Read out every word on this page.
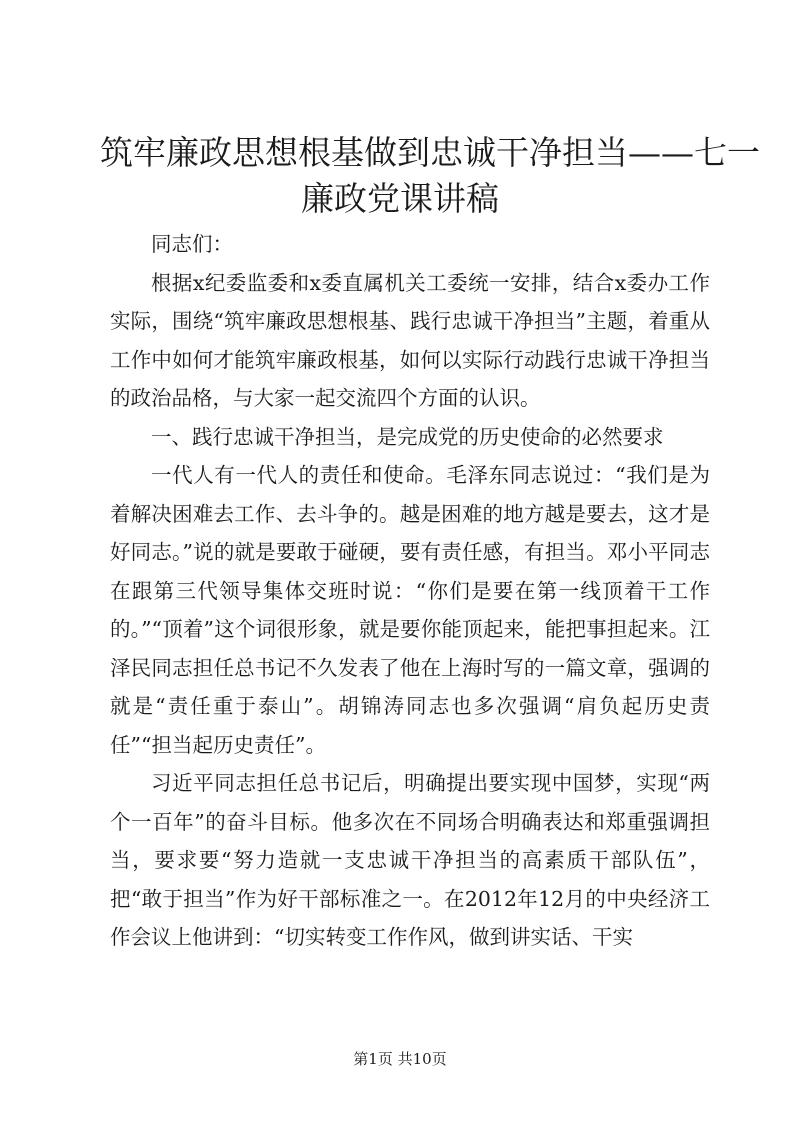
筑牢廉政思想根基做到忠诚干净担当——七一
廉政党课讲稿

同志们：

根据x纪委监委和x委直属机关工委统一安排，结合x委办工作实际，围绕“筑牢廉政思想根基、践行忠诚干净担当”主题，着重从工作中如何才能筑牢廉政根基，如何以实际行动践行忠诚干净担当的政治品格，与大家一起交流四个方面的认识。

一、践行忠诚干净担当，是完成党的历史使命的必然要求

一代人有一代人的责任和使命。毛泽东同志说过：“我们是为着解决困难去工作、去斗争的。越是困难的地方越是要去，这才是好同志。”说的就是要敢于碰硬，要有责任感，有担当。邓小平同志在跟第三代领导集体交班时说：“你们是要在第一线顶着干工作的。”“顶着”这个词很形象，就是要你能顶起来，能把事担起来。江泽民同志担任总书记不久发表了他在上海时写的一篇文章，强调的就是“责任重于泰山”。胡锦涛同志也多次强调“肩负起历史责任”“担当起历史责任”。

习近平同志担任总书记后，明确提出要实现中国梦，实现“两个一百年”的奋斗目标。他多次在不同场合明确表达和郑重强调担当，要求要“努力造就一支忠诚干净担当的高素质干部队伍”，把“敢于担当”作为好干部标准之一。在2012年12月的中央经济工作会议上他讲到：“切实转变工作作风，做到讲实话、干实

第1页 共10页
